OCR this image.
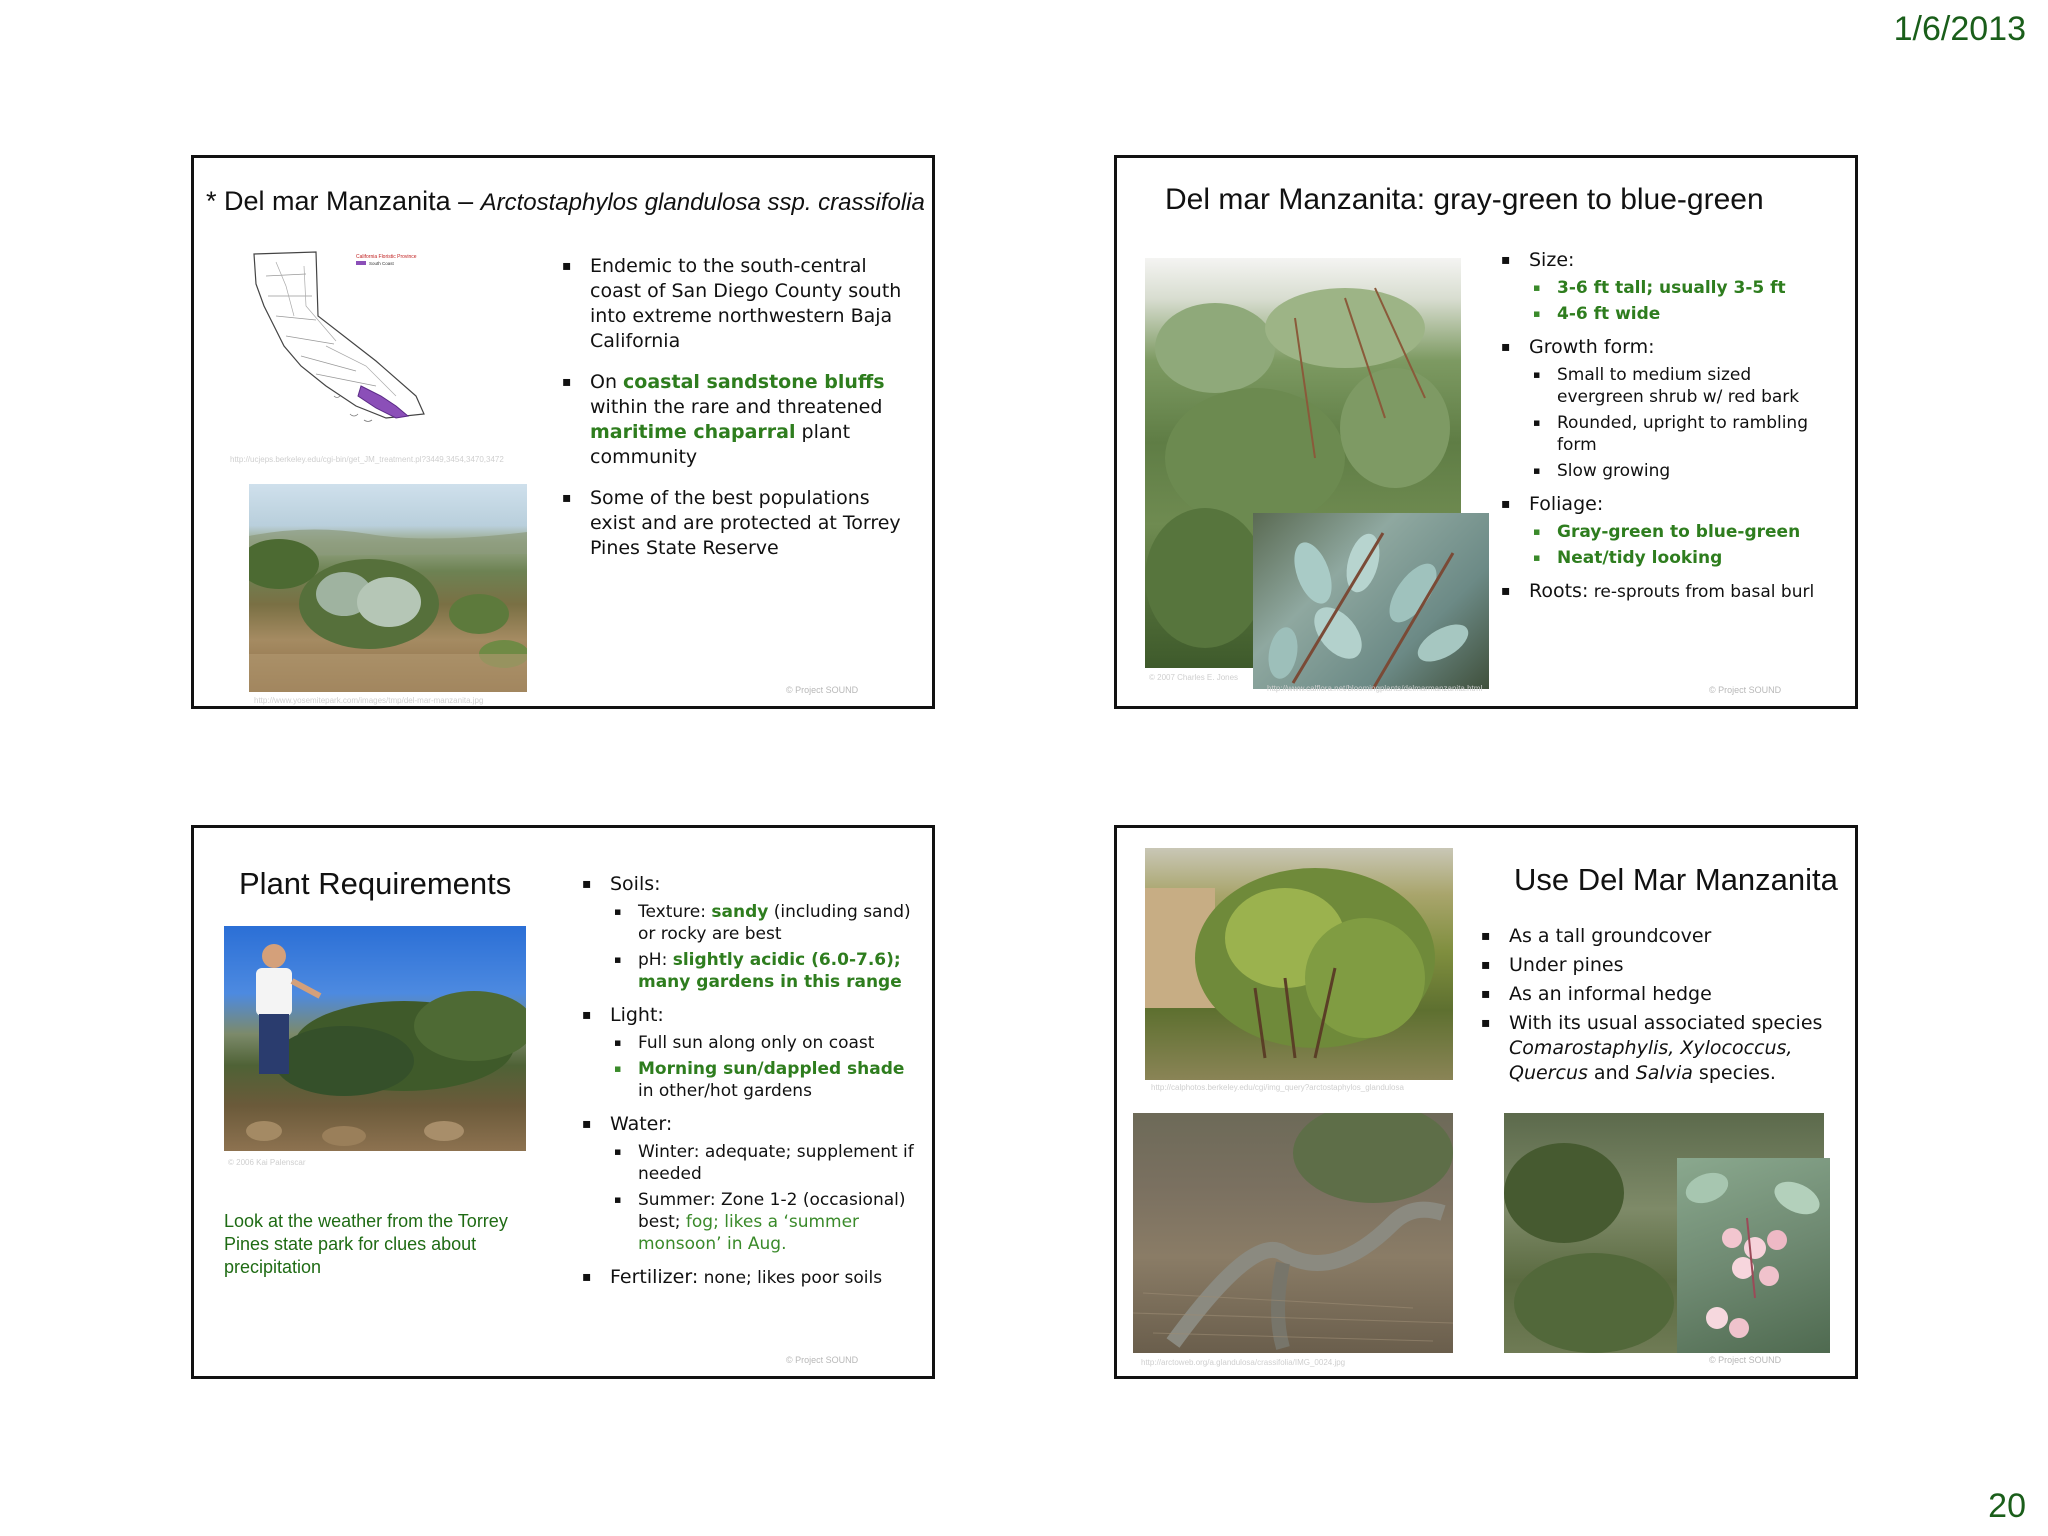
1/6/2013
* Del mar Manzanita – Arctostaphylos glandulosa ssp. crassifolia
California Floristic Province
South Coast
http://ucjeps.berkeley.edu/cgi-bin/get_JM_treatment.pl?3449,3454,3470,3472
http://www.yosemitepark.com/images/tmp/del-mar-manzanita.jpg
▪ Endemic to the south-central coast of San Diego County south into extreme northwestern Baja California
▪ On coastal sandstone bluffs within the rare and threatened maritime chaparral plant community
▪ Some of the best populations exist and are protected at Torrey Pines State Reserve
© Project SOUND
Del mar Manzanita: gray-green to blue-green
© 2007 Charles E. Jones
http://www.calflora.net/bloomingplants/delmarmanzanita.html
▪ Size:
▪ 3-6 ft tall; usually 3-5 ft
▪ 4-6 ft wide
▪ Growth form:
▪ Small to medium sized evergreen shrub w/ red bark
▪ Rounded, upright to rambling form
▪ Slow growing
▪ Foliage:
▪ Gray-green to blue-green
▪ Neat/tidy looking
▪ Roots: re-sprouts from basal burl
© Project SOUND
Plant Requirements
© 2006 Kai Palenscar
Look at the weather from the Torrey Pines state park for clues about precipitation
▪ Soils:
▪ Texture: sandy (including sand) or rocky are best
▪ pH: slightly acidic (6.0-7.6); many gardens in this range
▪ Light:
▪ Full sun along only on coast
▪ Morning sun/dappled shade in other/hot gardens
▪ Water:
▪ Winter: adequate; supplement if needed
▪ Summer: Zone 1-2 (occasional) best; fog; likes a ‘summer monsoon’ in Aug.
▪ Fertilizer: none; likes poor soils
© Project SOUND
http://calphotos.berkeley.edu/cgi/img_query?arctostaphylos_glandulosa
http://arctoweb.org/a.glandulosa/crassifolia/IMG_0024.jpg
Use Del Mar Manzanita
▪ As a tall groundcover
▪ Under pines
▪ As an informal hedge
▪ With its usual associated species Comarostaphylis, Xylococcus, Quercus and Salvia species.
© Project SOUND
20
